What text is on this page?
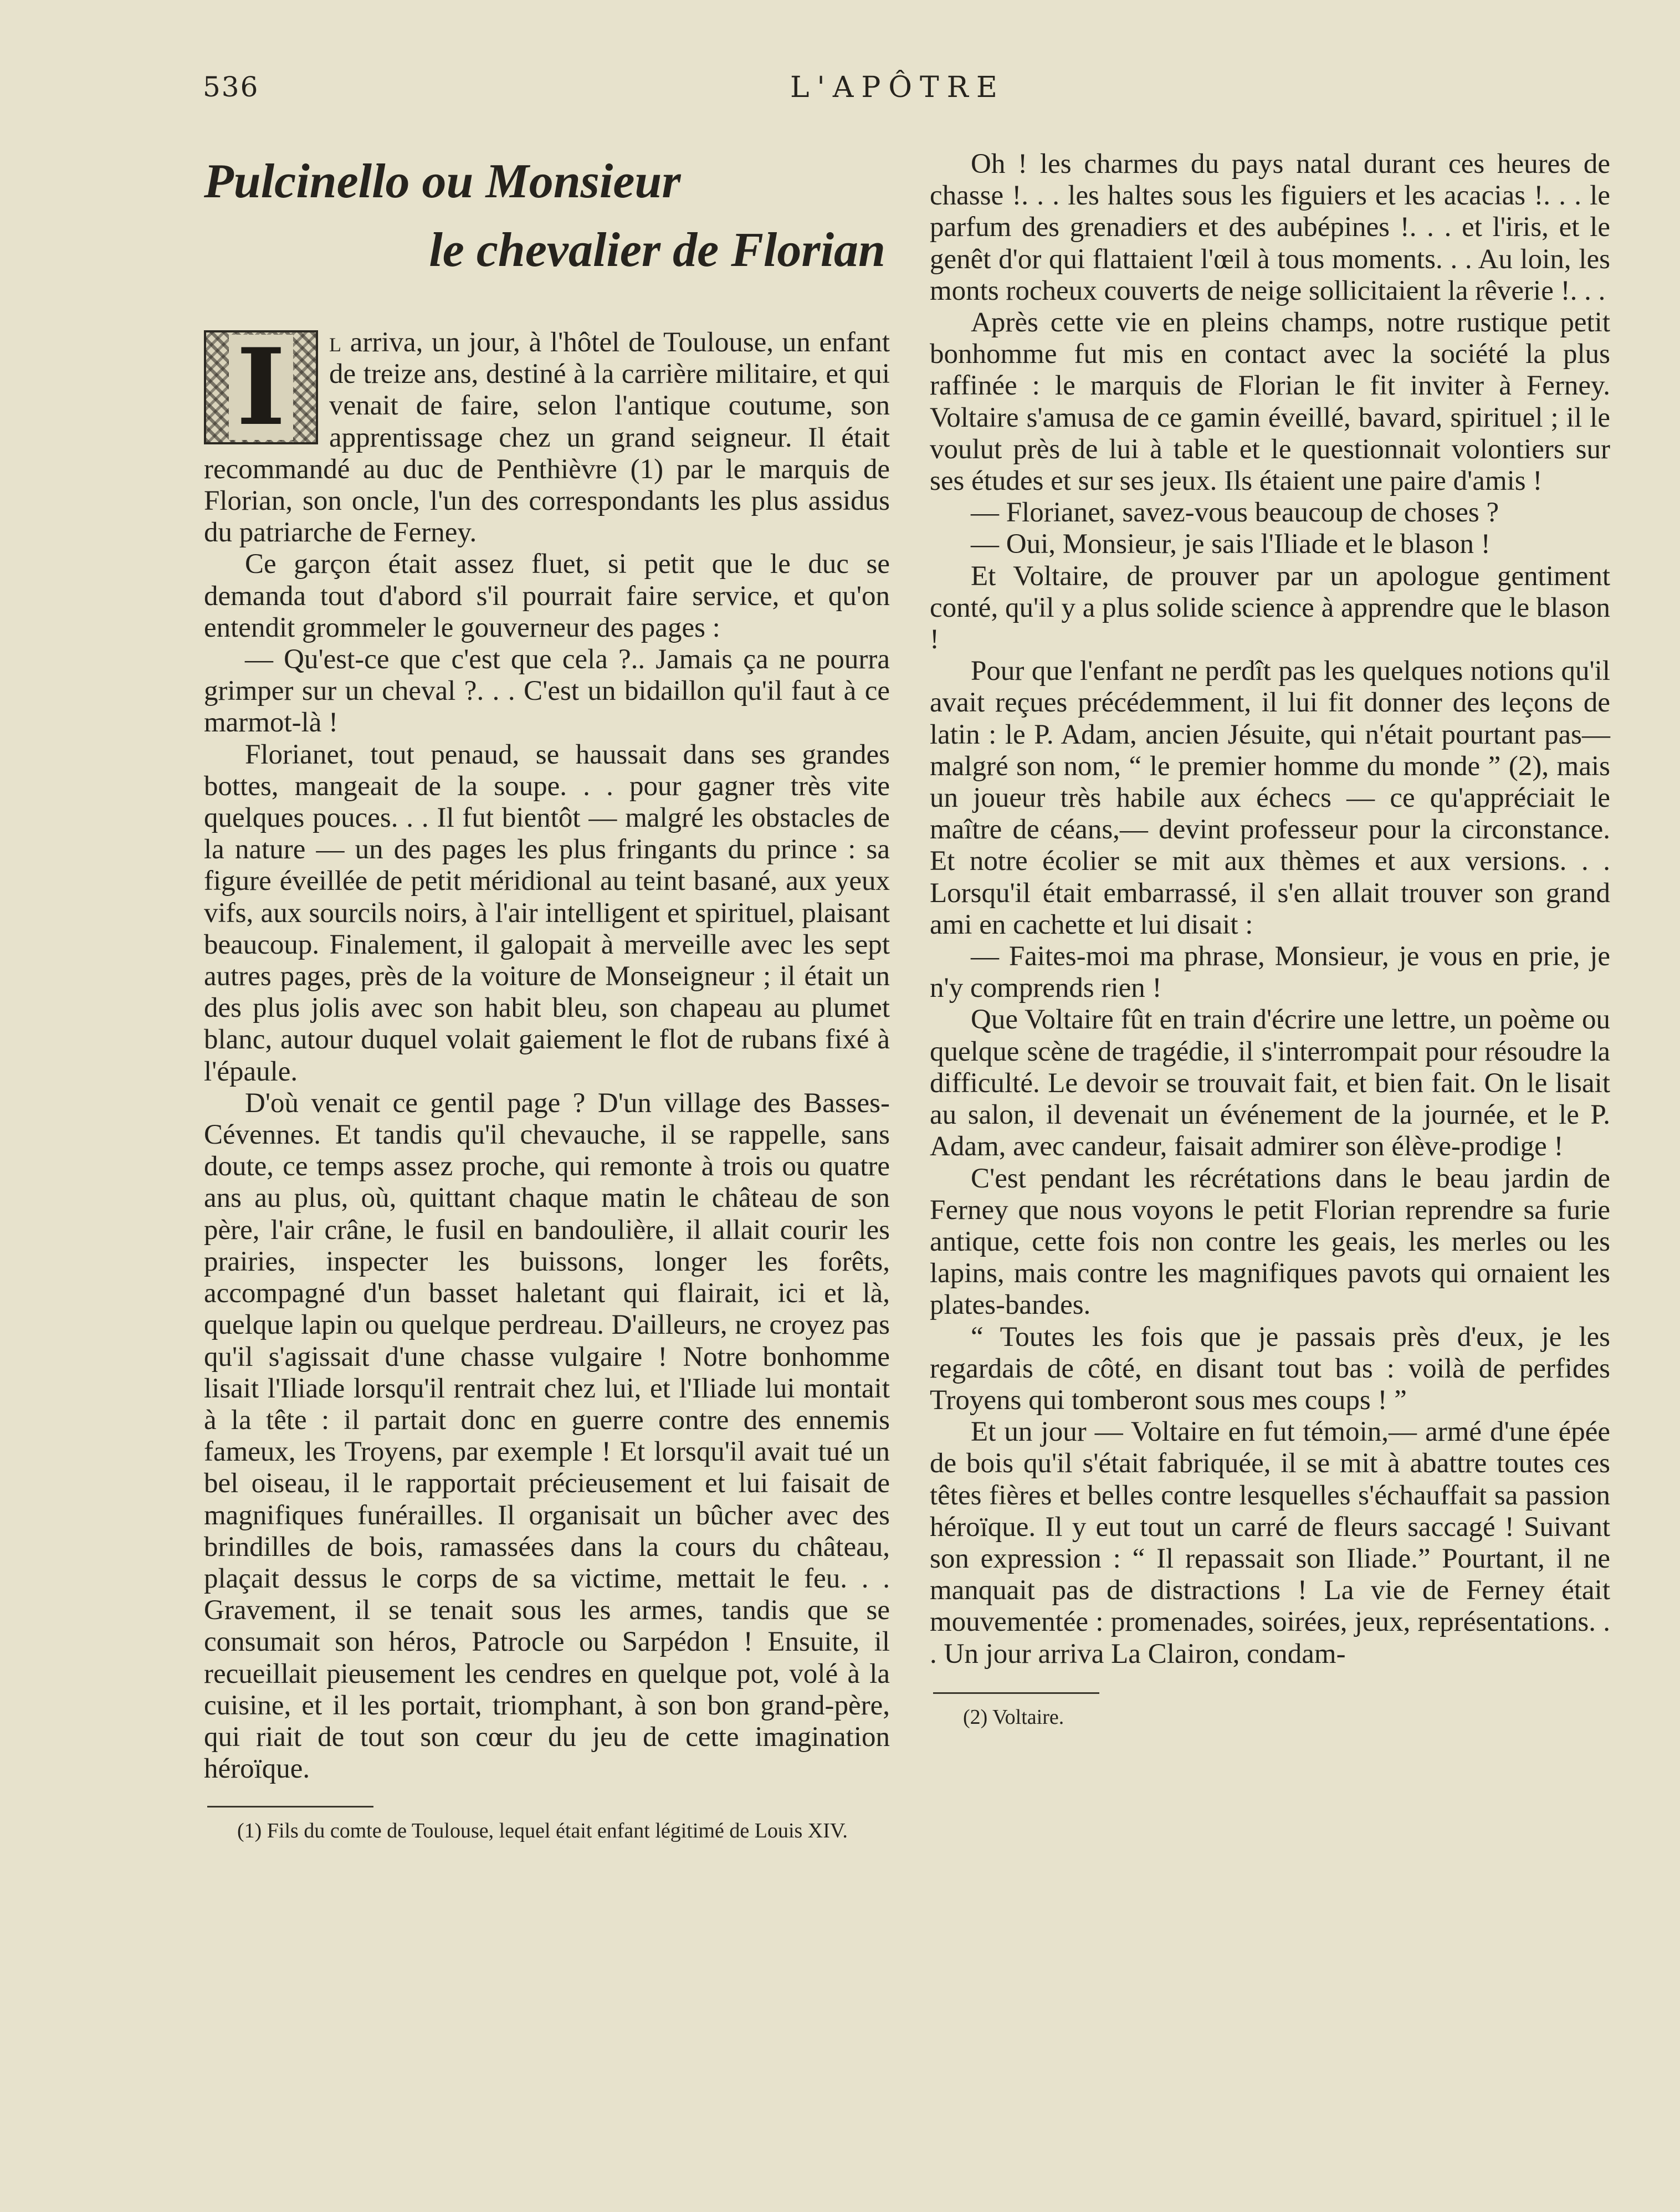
536	L'APÔTRE
Pulcinello ou Monsieur
le chevalier de Florian

I l arriva, un jour, à l'hôtel de Toulouse, un enfant de treize ans, destiné à la carrière militaire, et qui venait de faire, selon l'antique coutume, son apprentissage chez un grand seigneur. Il était recommandé au duc de Penthièvre (1) par le marquis de Florian, son oncle, l'un des correspondants les plus assidus du patriarche de Ferney.

Ce garçon était assez fluet, si petit que le duc se demanda tout d'abord s'il pourrait faire service, et qu'on entendit grommeler le gouverneur des pages :

— Qu'est-ce que c'est que cela ?.. Jamais ça ne pourra grimper sur un cheval ?. . . C'est un bidaillon qu'il faut à ce marmot-là !

Florianet, tout penaud, se haussait dans ses grandes bottes, mangeait de la soupe. . . pour gagner très vite quelques pouces. . . Il fut bientôt — malgré les obstacles de la nature — un des pages les plus fringants du prince : sa figure éveillée de petit méridional au teint basané, aux yeux vifs, aux sourcils noirs, à l'air intelligent et spirituel, plaisant beaucoup. Finalement, il galopait à merveille avec les sept autres pages, près de la voiture de Monseigneur ; il était un des plus jolis avec son habit bleu, son chapeau au plumet blanc, autour duquel volait gaiement le flot de rubans fixé à l'épaule.

D'où venait ce gentil page ? D'un village des Basses-Cévennes. Et tandis qu'il chevauche, il se rappelle, sans doute, ce temps assez proche, qui remonte à trois ou quatre ans au plus, où, quittant chaque matin le château de son père, l'air crâne, le fusil en bandoulière, il allait courir les prairies, inspecter les buissons, longer les forêts, accompagné d'un basset haletant qui flairait, ici et là, quelque lapin ou quelque perdreau. D'ailleurs, ne croyez pas qu'il s'agissait d'une chasse vulgaire ! Notre bonhomme lisait l'Iliade lorsqu'il rentrait chez lui, et l'Iliade lui montait à la tête : il partait donc en guerre contre des ennemis fameux, les Troyens, par exemple ! Et lorsqu'il avait tué un bel oiseau, il le rapportait précieusement et lui faisait de magnifiques funérailles. Il organisait un bûcher avec des brindilles de bois, ramassées dans la cours du château, plaçait dessus le corps de sa victime, mettait le feu. . . Gravement, il se tenait sous les armes, tandis que se consumait son héros, Patrocle ou Sarpédon ! Ensuite, il recueillait pieusement les cendres en quelque pot, volé à la cuisine, et il les portait, triomphant, à son bon grand-père, qui riait de tout son cœur du jeu de cette imagination héroïque.

(1) Fils du comte de Toulouse, lequel était enfant légitimé de Louis XIV.

Oh ! les charmes du pays natal durant ces heures de chasse !. . . les haltes sous les figuiers et les acacias !. . . le parfum des grenadiers et des aubépines !. . . et l'iris, et le genêt d'or qui flattaient l'œil à tous moments. . . Au loin, les monts rocheux couverts de neige sollicitaient la rêverie !. . .

Après cette vie en pleins champs, notre rustique petit bonhomme fut mis en contact avec la société la plus raffinée : le marquis de Florian le fit inviter à Ferney. Voltaire s'amusa de ce gamin éveillé, bavard, spirituel ; il le voulut près de lui à table et le questionnait volontiers sur ses études et sur ses jeux. Ils étaient une paire d'amis !

— Florianet, savez-vous beaucoup de choses ?

— Oui, Monsieur, je sais l'Iliade et le blason !

Et Voltaire, de prouver par un apologue gentiment conté, qu'il y a plus solide science à apprendre que le blason !

Pour que l'enfant ne perdît pas les quelques notions qu'il avait reçues précédemment, il lui fit donner des leçons de latin : le P. Adam, ancien Jésuite, qui n'était pourtant pas— malgré son nom, “ le premier homme du monde ” (2), mais un joueur très habile aux échecs — ce qu'appréciait le maître de céans,— devint professeur pour la circonstance. Et notre écolier se mit aux thèmes et aux versions. . . Lorsqu'il était embarrassé, il s'en allait trouver son grand ami en cachette et lui disait :

— Faites-moi ma phrase, Monsieur, je vous en prie, je n'y comprends rien !

Que Voltaire fût en train d'écrire une lettre, un poème ou quelque scène de tragédie, il s'interrompait pour résoudre la difficulté. Le devoir se trouvait fait, et bien fait. On le lisait au salon, il devenait un événement de la journée, et le P. Adam, avec candeur, faisait admirer son élève-prodige !

C'est pendant les récrétations dans le beau jardin de Ferney que nous voyons le petit Florian reprendre sa furie antique, cette fois non contre les geais, les merles ou les lapins, mais contre les magnifiques pavots qui ornaient les plates-bandes.

“ Toutes les fois que je passais près d'eux, je les regardais de côté, en disant tout bas : voilà de perfides Troyens qui tomberont sous mes coups ! ”

Et un jour — Voltaire en fut témoin,— armé d'une épée de bois qu'il s'était fabriquée, il se mit à abattre toutes ces têtes fières et belles contre lesquelles s'échauffait sa passion héroïque. Il y eut tout un carré de fleurs saccagé ! Suivant son expression : “ Il repassait son Iliade.” Pourtant, il ne manquait pas de distractions ! La vie de Ferney était mouvementée : promenades, soirées, jeux, représentations. . . Un jour arriva La Clairon, condam-

(2) Voltaire.
